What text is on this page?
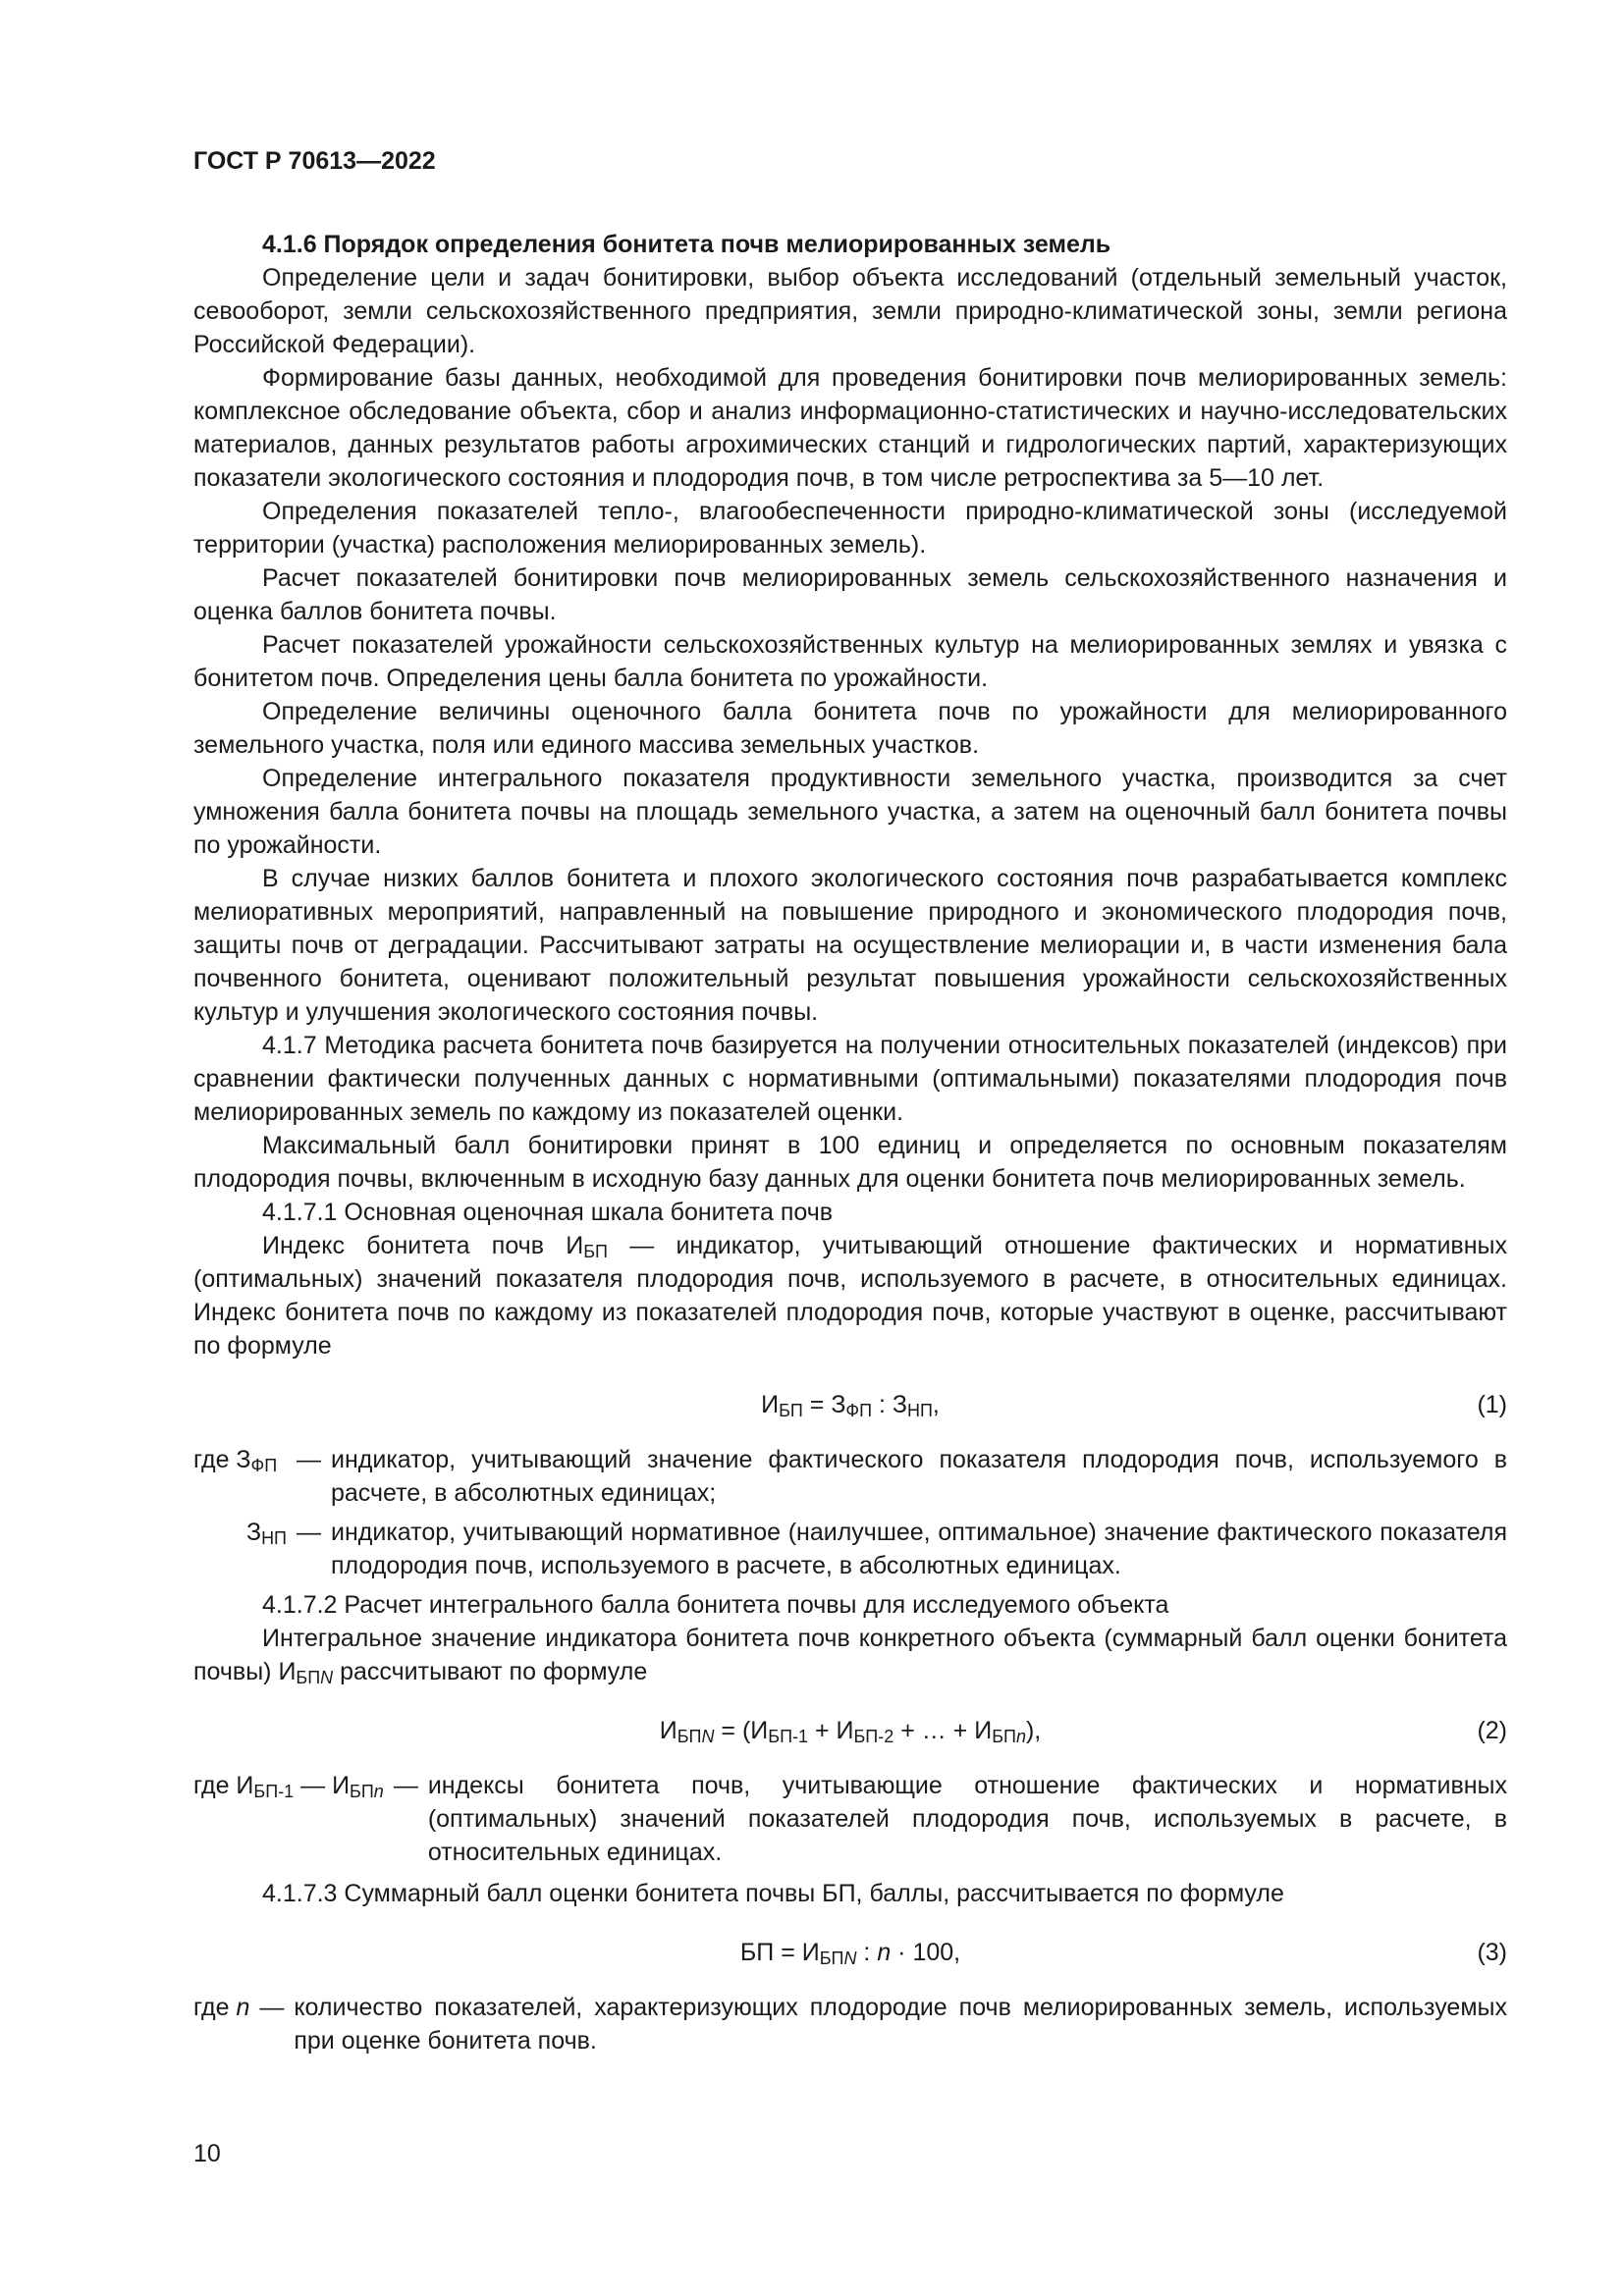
ГОСТ Р 70613—2022

4.1.6 Порядок определения бонитета почв мелиорированных земель

Определение цели и задач бонитировки, выбор объекта исследований (отдельный земельный участок, севооборот, земли сельскохозяйственного предприятия, земли природно-климатической зоны, земли региона Российской Федерации).

Формирование базы данных, необходимой для проведения бонитировки почв мелиорированных земель: комплексное обследование объекта, сбор и анализ информационно-статистических и научно-исследовательских материалов, данных результатов работы агрохимических станций и гидрологических партий, характеризующих показатели экологического состояния и плодородия почв, в том числе ретроспектива за 5—10 лет.

Определения показателей тепло-, влагообеспеченности природно-климатической зоны (исследуемой территории (участка) расположения мелиорированных земель).

Расчет показателей бонитировки почв мелиорированных земель сельскохозяйственного назначения и оценка баллов бонитета почвы.

Расчет показателей урожайности сельскохозяйственных культур на мелиорированных землях и увязка с бонитетом почв. Определения цены балла бонитета по урожайности.

Определение величины оценочного балла бонитета почв по урожайности для мелиорированного земельного участка, поля или единого массива земельных участков.

Определение интегрального показателя продуктивности земельного участка, производится за счет умножения балла бонитета почвы на площадь земельного участка, а затем на оценочный балл бонитета почвы по урожайности.

В случае низких баллов бонитета и плохого экологического состояния почв разрабатывается комплекс мелиоративных мероприятий, направленный на повышение природного и экономического плодородия почв, защиты почв от деградации. Рассчитывают затраты на осуществление мелиорации и, в части изменения бала почвенного бонитета, оценивают положительный результат повышения урожайности сельскохозяйственных культур и улучшения экологического состояния почвы.

4.1.7 Методика расчета бонитета почв базируется на получении относительных показателей (индексов) при сравнении фактически полученных данных с нормативными (оптимальными) показателями плодородия почв мелиорированных земель по каждому из показателей оценки.

Максимальный балл бонитировки принят в 100 единиц и определяется по основным показателям плодородия почвы, включенным в исходную базу данных для оценки бонитета почв мелиорированных земель.

4.1.7.1 Основная оценочная шкала бонитета почв

Индекс бонитета почв $И_{БП}$ — индикатор, учитывающий отношение фактических и нормативных (оптимальных) значений показателя плодородия почв, используемого в расчете, в относительных единицах. Индекс бонитета почв по каждому из показателей плодородия почв, которые участвуют в оценке, рассчитывают по формуле

$И_{БП} = З_{ФП}$ : $З_{НП}$,	(1)
где $З_{ФП}$ — индикатор, учитывающий значение фактического показателя плодородия почв, используемого в расчете, в абсолютных единицах;
$З_{НП}$ — индикатор, учитывающий нормативное (наилучшее, оптимальное) значение фактического показателя плодородия почв, используемого в расчете, в абсолютных единицах.

4.1.7.2 Расчет интегрального балла бонитета почвы для исследуемого объекта

Интегральное значение индикатора бонитета почв конкретного объекта (суммарный балл оценки бонитета почвы) $И_{БПN}$ рассчитывают по формуле

$И_{БПN} = (И_{БП-1} + И_{БП-2}$ + … + $И_{БПn}$),	(2)
где $И_{БП-1}$ — $И_{БПn}$ — индексы бонитета почв, учитывающие отношение фактических и нормативных (оптимальных) значений показателей плодородия почв, используемых в расчете, в относительных единицах.

4.1.7.3 Суммарный балл оценки бонитета почвы БП, баллы, рассчитывается по формуле

БП = $И_{БПN}$ : n · 100,	(3)
где n — количество показателей, характеризующих плодородие почв мелиорированных земель, используемых при оценке бонитета почв.
10
